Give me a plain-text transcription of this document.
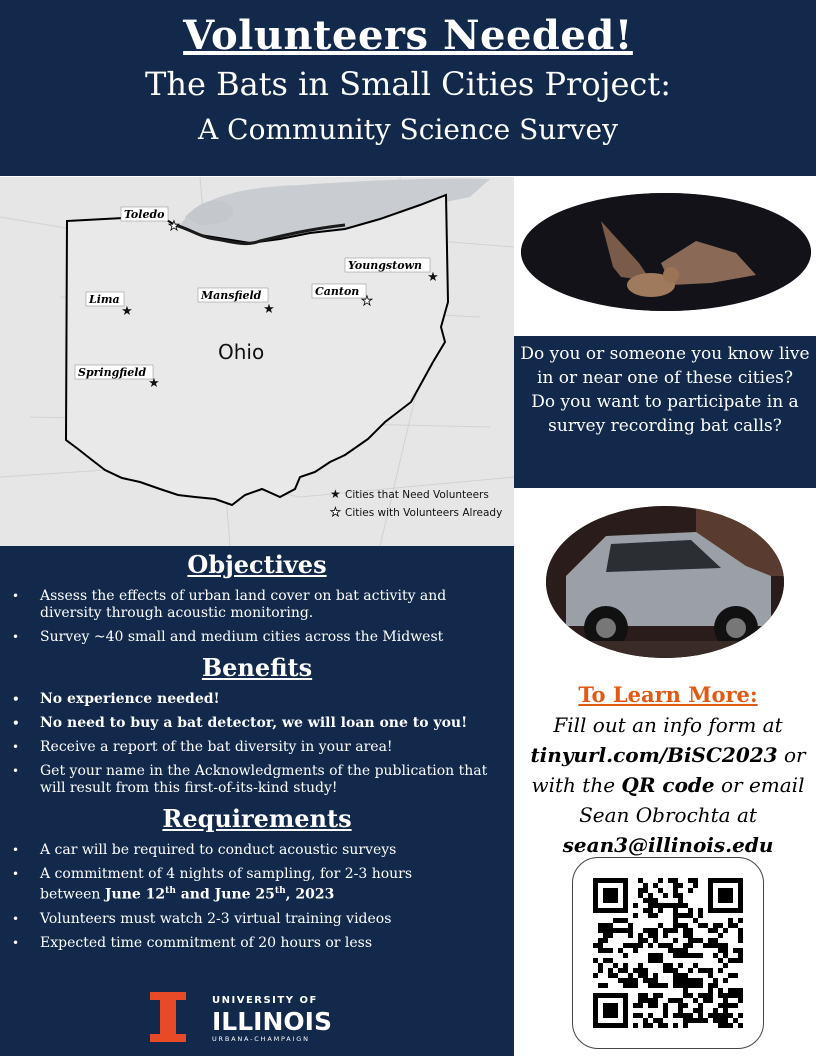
Volunteers Needed!
The Bats in Small Cities Project:
A Community Science Survey
Ohio
Toledo
Youngstown
Lima	Mansfield	Canton
Springfield
★
★
★	★
★
★
★ Cities that Need Volunteers
★ Cities with Volunteers Already
Do you or someone you know live in or near one of these cities?
Do you want to participate in a survey recording bat calls?
Objectives
• Assess the effects of urban land cover on bat activity and diversity through acoustic monitoring.
• Survey ~40 small and medium cities across the Midwest
Benefits
• No experience needed!
• No need to buy a bat detector, we will loan one to you!
• Receive a report of the bat diversity in your area!
• Get your name in the Acknowledgments of the publication that will result from this first-of-its-kind study!
Requirements
• A car will be required to conduct acoustic surveys
• A commitment of 4 nights of sampling, for 2-3 hours
between June 12th and June 25th, 2023
• Volunteers must watch 2-3 virtual training videos
• Expected time commitment of 20 hours or less
UNIVERSITY OF
ILLINOIS
URBANA-CHAMPAIGN
To Learn More:
Fill out an info form at
tinyurl.com/BiSC2023 or
with the QR code or email
Sean Obrochta at
sean3@illinois.edu
